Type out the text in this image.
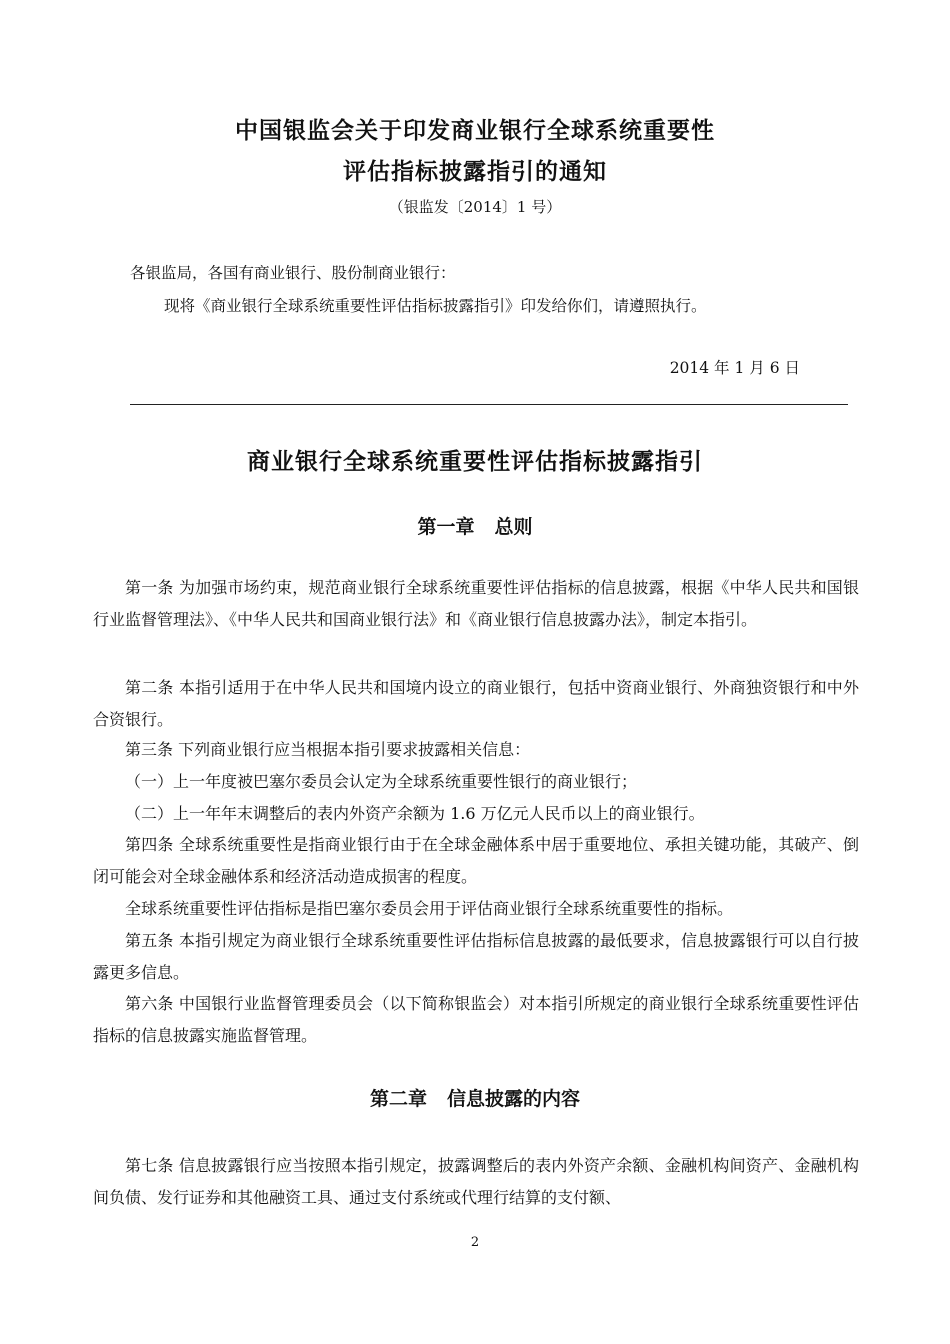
中国银监会关于印发商业银行全球系统重要性
评估指标披露指引的通知
（银监发〔2014〕1 号）
各银监局，各国有商业银行、股份制商业银行：
现将《商业银行全球系统重要性评估指标披露指引》印发给你们，请遵照执行。
2014 年 1 月 6 日
商业银行全球系统重要性评估指标披露指引
第一章 总则

第一条 为加强市场约束，规范商业银行全球系统重要性评估指标的信息披露，根据《中华人民共和国银行业监督管理法》、《中华人民共和国商业银行法》和《商业银行信息披露办法》，制定本指引。

第二条 本指引适用于在中华人民共和国境内设立的商业银行，包括中资商业银行、外商独资银行和中外合资银行。

第三条 下列商业银行应当根据本指引要求披露相关信息：

（一）上一年度被巴塞尔委员会认定为全球系统重要性银行的商业银行；

（二）上一年年末调整后的表内外资产余额为 1.6 万亿元人民币以上的商业银行。

第四条 全球系统重要性是指商业银行由于在全球金融体系中居于重要地位、承担关键功能，其破产、倒闭可能会对全球金融体系和经济活动造成损害的程度。

全球系统重要性评估指标是指巴塞尔委员会用于评估商业银行全球系统重要性的指标。

第五条 本指引规定为商业银行全球系统重要性评估指标信息披露的最低要求，信息披露银行可以自行披露更多信息。

第六条 中国银行业监督管理委员会（以下简称银监会）对本指引所规定的商业银行全球系统重要性评估指标的信息披露实施监督管理。

第二章 信息披露的内容

第七条 信息披露银行应当按照本指引规定，披露调整后的表内外资产余额、金融机构间资产、金融机构间负债、发行证券和其他融资工具、通过支付系统或代理行结算的支付额、

2
